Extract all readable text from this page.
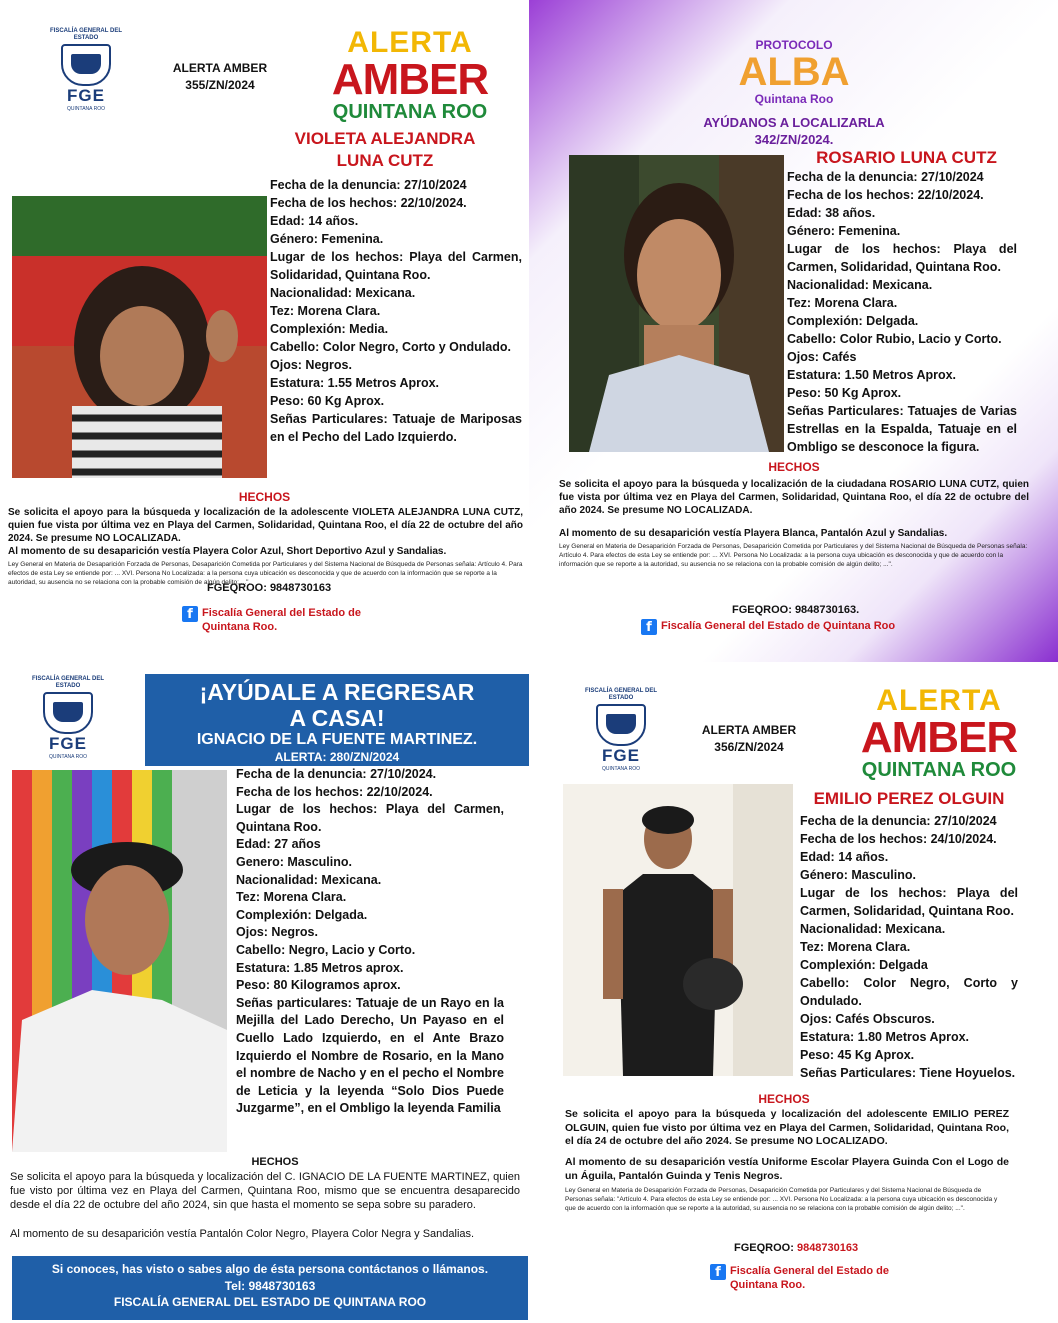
FISCALÍA GENERAL DEL ESTADO
FGE
QUINTANA ROO
ALERTA AMBER
355/ZN/2024
ALERTA
AMBER
QUINTANA ROO
VIOLETA ALEJANDRA
LUNA CUTZ
Fecha de la denuncia: 27/10/2024
Fecha de los hechos: 22/10/2024.
Edad: 14 años.
Género: Femenina.
Lugar de los hechos: Playa del Carmen, Solidaridad, Quintana Roo.
Nacionalidad: Mexicana.
Tez: Morena Clara.
Complexión: Media.
Cabello: Color Negro, Corto y Ondulado.
Ojos: Negros.
Estatura: 1.55 Metros Aprox.
Peso: 60 Kg Aprox.
Señas Particulares: Tatuaje de Mariposas en el Pecho del Lado Izquierdo.
HECHOS
Se solicita el apoyo para la búsqueda y localización de la adolescente VIOLETA ALEJANDRA LUNA CUTZ, quien fue vista por última vez en Playa del Carmen, Solidaridad, Quintana Roo, el día 22 de octubre del año 2024. Se presume NO LOCALIZADA.
Al momento de su desaparición vestía Playera Color Azul, Short Deportivo Azul y Sandalias.
Ley General en Materia de Desaparición Forzada de Personas, Desaparición Cometida por Particulares y del Sistema Nacional de Búsqueda de Personas señala: Artículo 4. Para efectos de esta Ley se entiende por: ... XVI. Persona No Localizada: a la persona cuya ubicación es desconocida y que de acuerdo con la información que se reporte a la autoridad, su ausencia no se relaciona con la probable comisión de algún delito; ...".
FGEQROO: 9848730163
f Fiscalía General del Estado de
Quintana Roo.
PROTOCOLO
ALBA
Quintana Roo
AYÚDANOS A LOCALIZARLA
342/ZN/2024.
ROSARIO LUNA CUTZ
Fecha de la denuncia: 27/10/2024
Fecha de los hechos: 22/10/2024.
Edad: 38 años.
Género: Femenina.
Lugar de los hechos: Playa del Carmen, Solidaridad, Quintana Roo.
Nacionalidad: Mexicana.
Tez: Morena Clara.
Complexión: Delgada.
Cabello: Color Rubio, Lacio y Corto.
Ojos: Cafés
Estatura: 1.50 Metros Aprox.
Peso: 50 Kg Aprox.
Señas Particulares: Tatuajes de Varias Estrellas en la Espalda, Tatuaje en el Ombligo se desconoce la figura.
HECHOS
Se solicita el apoyo para la búsqueda y localización de la ciudadana ROSARIO LUNA CUTZ, quien fue vista por última vez en Playa del Carmen, Solidaridad, Quintana Roo, el día 22 de octubre del año 2024. Se presume NO LOCALIZADA.
Al momento de su desaparición vestía Playera Blanca, Pantalón Azul y Sandalias.
Ley General en Materia de Desaparición Forzada de Personas, Desaparición Cometida por Particulares y del Sistema Nacional de Búsqueda de Personas señala: Artículo 4. Para efectos de esta Ley se entiende por: ... XVI. Persona No Localizada: a la persona cuya ubicación es desconocida y que de acuerdo con la información que se reporte a la autoridad, su ausencia no se relaciona con la probable comisión de algún delito; ...".
FGEQROO: 9848730163.
f Fiscalía General del Estado de Quintana Roo
FISCALÍA GENERAL DEL ESTADO
FGE
QUINTANA ROO
¡AYÚDALE A REGRESAR
A CASA!
IGNACIO DE LA FUENTE MARTINEZ.
ALERTA: 280/ZN/2024
Fecha de la denuncia: 27/10/2024.
Fecha de los hechos: 22/10/2024.
Lugar de los hechos: Playa del Carmen, Quintana Roo.
Edad: 27 años
Genero: Masculino.
Nacionalidad: Mexicana.
Tez: Morena Clara.
Complexión: Delgada.
Ojos: Negros.
Cabello: Negro, Lacio y Corto.
Estatura: 1.85 Metros aprox.
Peso: 80 Kilogramos aprox.
Señas particulares: Tatuaje de un Rayo en la Mejilla del Lado Derecho, Un Payaso en el Cuello Lado Izquierdo, en el Ante Brazo Izquierdo el Nombre de Rosario, en la Mano el nombre de Nacho y en el pecho el Nombre de Leticia y la leyenda “Solo Dios Puede Juzgarme”, en el Ombligo la leyenda Familia
HECHOS
Se solicita el apoyo para la búsqueda y localización del C. IGNACIO DE LA FUENTE MARTINEZ, quien fue visto por última vez en Playa del Carmen, Quintana Roo, mismo que se encuentra desaparecido desde el día 22 de octubre del año 2024, sin que hasta el momento se sepa sobre su paradero.
Al momento de su desaparición vestía Pantalón Color Negro, Playera Color Negra y Sandalias.
Si conoces, has visto o sabes algo de ésta persona contáctanos o llámanos.
Tel: 9848730163
FISCALÍA GENERAL DEL ESTADO DE QUINTANA ROO
FISCALÍA GENERAL DEL ESTADO
FGE
QUINTANA ROO
ALERTA AMBER
356/ZN/2024
ALERTA
AMBER
QUINTANA ROO
EMILIO PEREZ OLGUIN
Fecha de la denuncia: 27/10/2024
Fecha de los hechos: 24/10/2024.
Edad: 14 años.
Género: Masculino.
Lugar de los hechos: Playa del Carmen, Solidaridad, Quintana Roo.
Nacionalidad: Mexicana.
Tez: Morena Clara.
Complexión: Delgada
Cabello: Color Negro, Corto y Ondulado.
Ojos: Cafés Obscuros.
Estatura: 1.80 Metros Aprox.
Peso: 45 Kg Aprox.
Señas Particulares: Tiene Hoyuelos.
HECHOS
Se solicita el apoyo para la búsqueda y localización del adolescente EMILIO PEREZ OLGUIN, quien fue visto por última vez en Playa del Carmen, Solidaridad, Quintana Roo, el día 24 de octubre del año 2024. Se presume NO LOCALIZADO.
Al momento de su desaparición vestía Uniforme Escolar Playera Guinda Con el Logo de un Águila, Pantalón Guinda y Tenis Negros.
Ley General en Materia de Desaparición Forzada de Personas, Desaparición Cometida por Particulares y del Sistema Nacional de Búsqueda de Personas señala: "Artículo 4. Para efectos de esta Ley se entiende por: ... XVI. Persona No Localizada: a la persona cuya ubicación es desconocida y que de acuerdo con la información que se reporte a la autoridad, su ausencia no se relaciona con la probable comisión de algún delito; ...".
FGEQROO: 9848730163
f Fiscalía General del Estado de
Quintana Roo.
